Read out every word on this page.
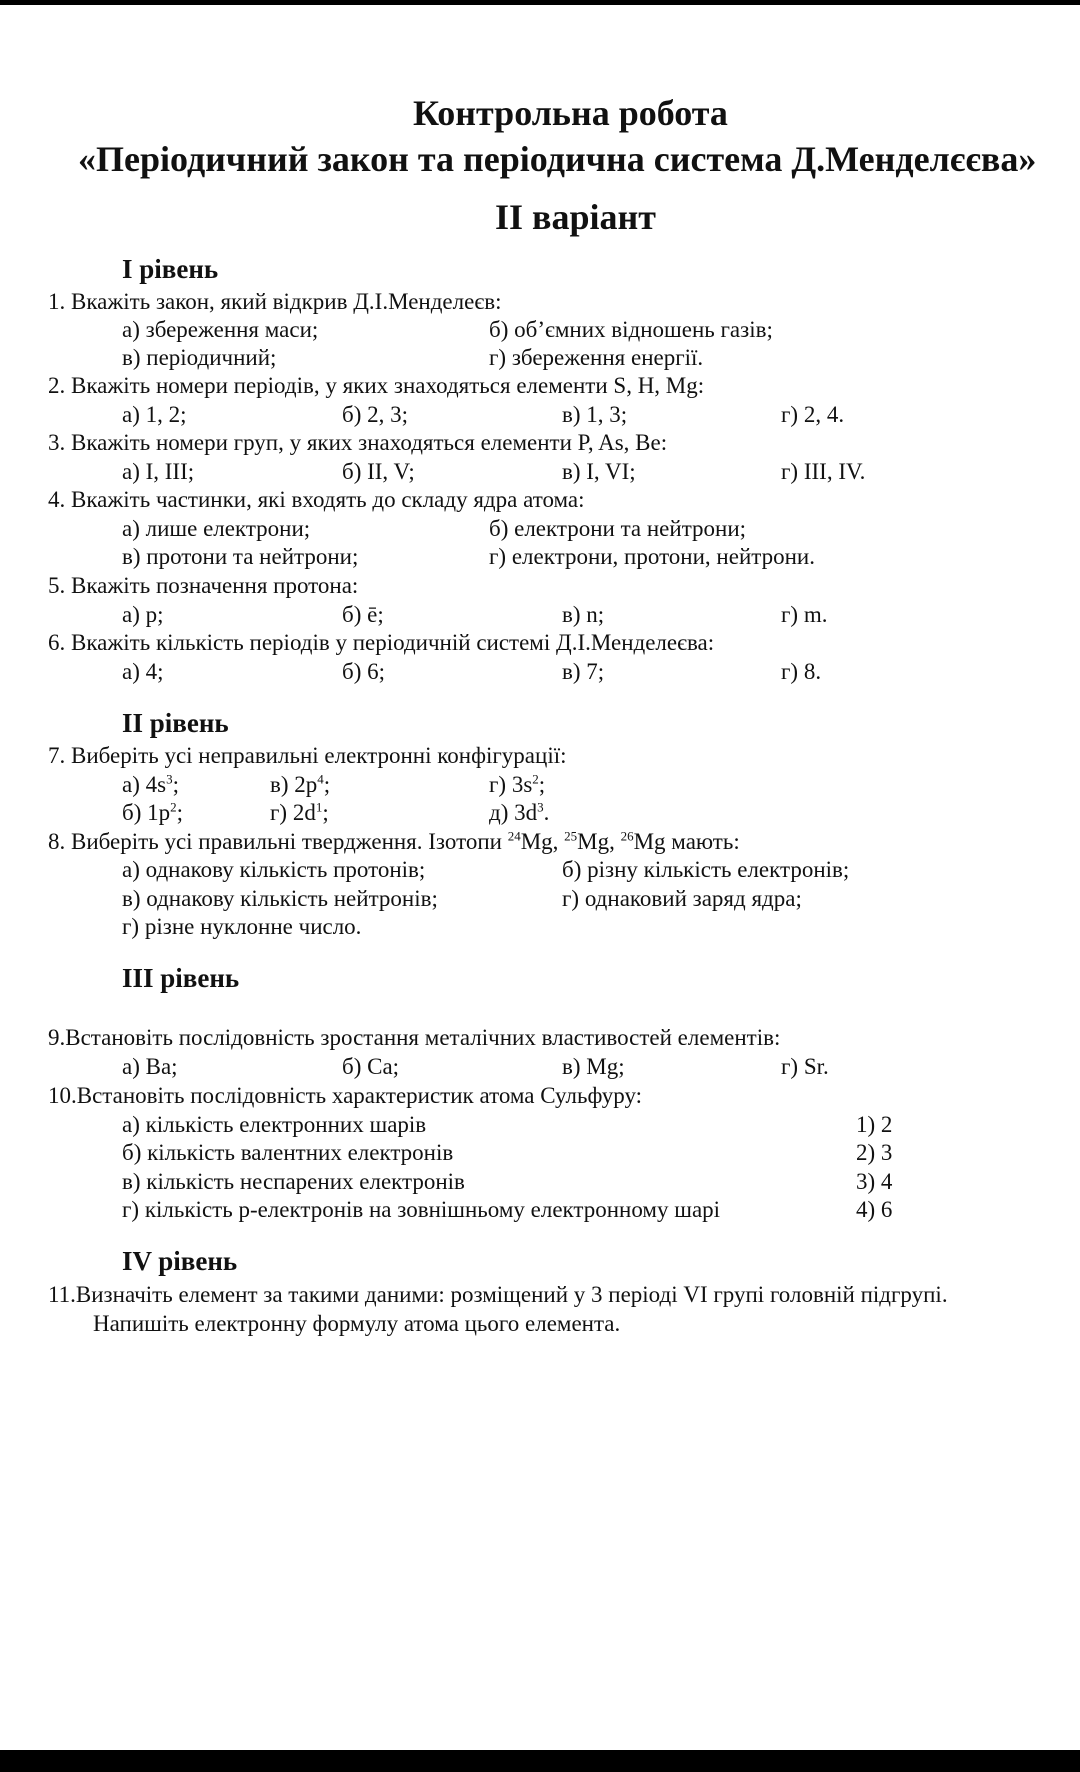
Контрольна робота
«Періодичний закон та періодична система Д.Менделєєва»
ІІ варіант
І рівень
1. Вкажіть закон, який відкрив Д.І.Менделеєв:
а) збереження маси;	б) об’ємних відношень газів;
в) періодичний;	г) збереження енергії.
2. Вкажіть номери періодів, у яких знаходяться елементи S, H, Mg:
а) 1, 2;	б) 2, 3;	в) 1, 3;	г) 2, 4.
3. Вкажіть номери груп, у яких знаходяться елементи P, As, Be:
а) I, III;	б) II, V;	в) I, VI;	г) III, IV.
4. Вкажіть частинки, які входять до складу ядра атома:
а) лише електрони;	б) електрони та нейтрони;
в) протони та нейтрони;	г) електрони, протони, нейтрони.
5. Вкажіть позначення протона:
а) p;	б) ē;	в) n;	г) m.
6. Вкажіть кількість періодів у періодичній системі Д.І.Менделеєва:
а) 4;	б) 6;	в) 7;	г) 8.
ІІ рівень
7. Виберіть усі неправильні електронні конфігурації:
а) $4s^3$;	в) $2p^4$;	г) $3s^2$;
б) $1p^2$;	г) $2d^1$;	д) $3d^3$.
8. Виберіть усі правильні твердження. Ізотопи $^{24}$Mg, $^{25}$Mg, $^{26}$Mg мають:
а) однакову кількість протонів;	б) різну кількість електронів;
в) однакову кількість нейтронів;	г) однаковий заряд ядра;
г) різне нуклонне число.
ІІІ рівень
9.Встановіть послідовність зростання металічних властивостей елементів:
а) Ba;	б) Ca;	в) Mg;	г) Sr.
10.Встановіть послідовність характеристик атома Сульфуру:
а) кількість електронних шарів	1) 2
б) кількість валентних електронів	2) 3
в) кількість неспарених електронів	3) 4
г) кількість p-електронів на зовнішньому електронному шарі	4) 6
ІV рівень
11.Визначіть елемент за такими даними: розміщений у 3 періоді VI групі головній підгрупі.
Напишіть електронну формулу атома цього елемента.
